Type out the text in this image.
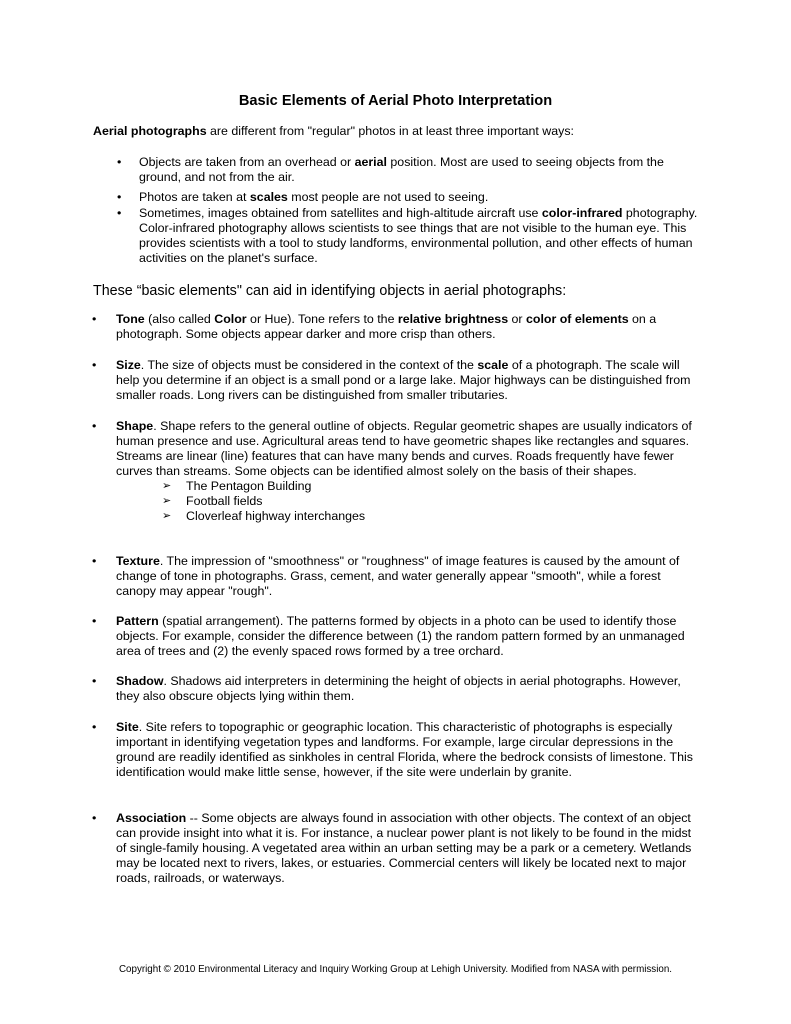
Basic Elements of Aerial Photo Interpretation

Aerial photographs are different from "regular" photos in at least three important ways:

• Objects are taken from an overhead or aerial position. Most are used to seeing objects from the ground, and not from the air.
• Photos are taken at scales most people are not used to seeing.
• Sometimes, images obtained from satellites and high-altitude aircraft use color-infrared photography. Color-infrared photography allows scientists to see things that are not visible to the human eye. This provides scientists with a tool to study landforms, environmental pollution, and other effects of human activities on the planet's surface.

These “basic elements" can aid in identifying objects in aerial photographs:

• Tone (also called Color or Hue). Tone refers to the relative brightness or color of elements on a photograph. Some objects appear darker and more crisp than others.
• Size. The size of objects must be considered in the context of the scale of a photograph. The scale will help you determine if an object is a small pond or a large lake. Major highways can be distinguished from smaller roads. Long rivers can be distinguished from smaller tributaries.
• Shape. Shape refers to the general outline of objects. Regular geometric shapes are usually indicators of human presence and use. Agricultural areas tend to have geometric shapes like rectangles and squares. Streams are linear (line) features that can have many bends and curves. Roads frequently have fewer curves than streams. Some objects can be identified almost solely on the basis of their shapes.
➢ The Pentagon Building
➢ Football fields
➢ Cloverleaf highway interchanges
• Texture. The impression of "smoothness" or "roughness" of image features is caused by the amount of change of tone in photographs. Grass, cement, and water generally appear "smooth", while a forest canopy may appear "rough".
• Pattern (spatial arrangement). The patterns formed by objects in a photo can be used to identify those objects. For example, consider the difference between (1) the random pattern formed by an unmanaged area of trees and (2) the evenly spaced rows formed by a tree orchard.
• Shadow. Shadows aid interpreters in determining the height of objects in aerial photographs. However, they also obscure objects lying within them.
• Site. Site refers to topographic or geographic location. This characteristic of photographs is especially important in identifying vegetation types and landforms. For example, large circular depressions in the ground are readily identified as sinkholes in central Florida, where the bedrock consists of limestone. This identification would make little sense, however, if the site were underlain by granite.
• Association -- Some objects are always found in association with other objects. The context of an object can provide insight into what it is. For instance, a nuclear power plant is not likely to be found in the midst of single-family housing. A vegetated area within an urban setting may be a park or a cemetery. Wetlands may be located next to rivers, lakes, or estuaries. Commercial centers will likely be located next to major roads, railroads, or waterways.

Copyright © 2010 Environmental Literacy and Inquiry Working Group at Lehigh University. Modified from NASA with permission.
